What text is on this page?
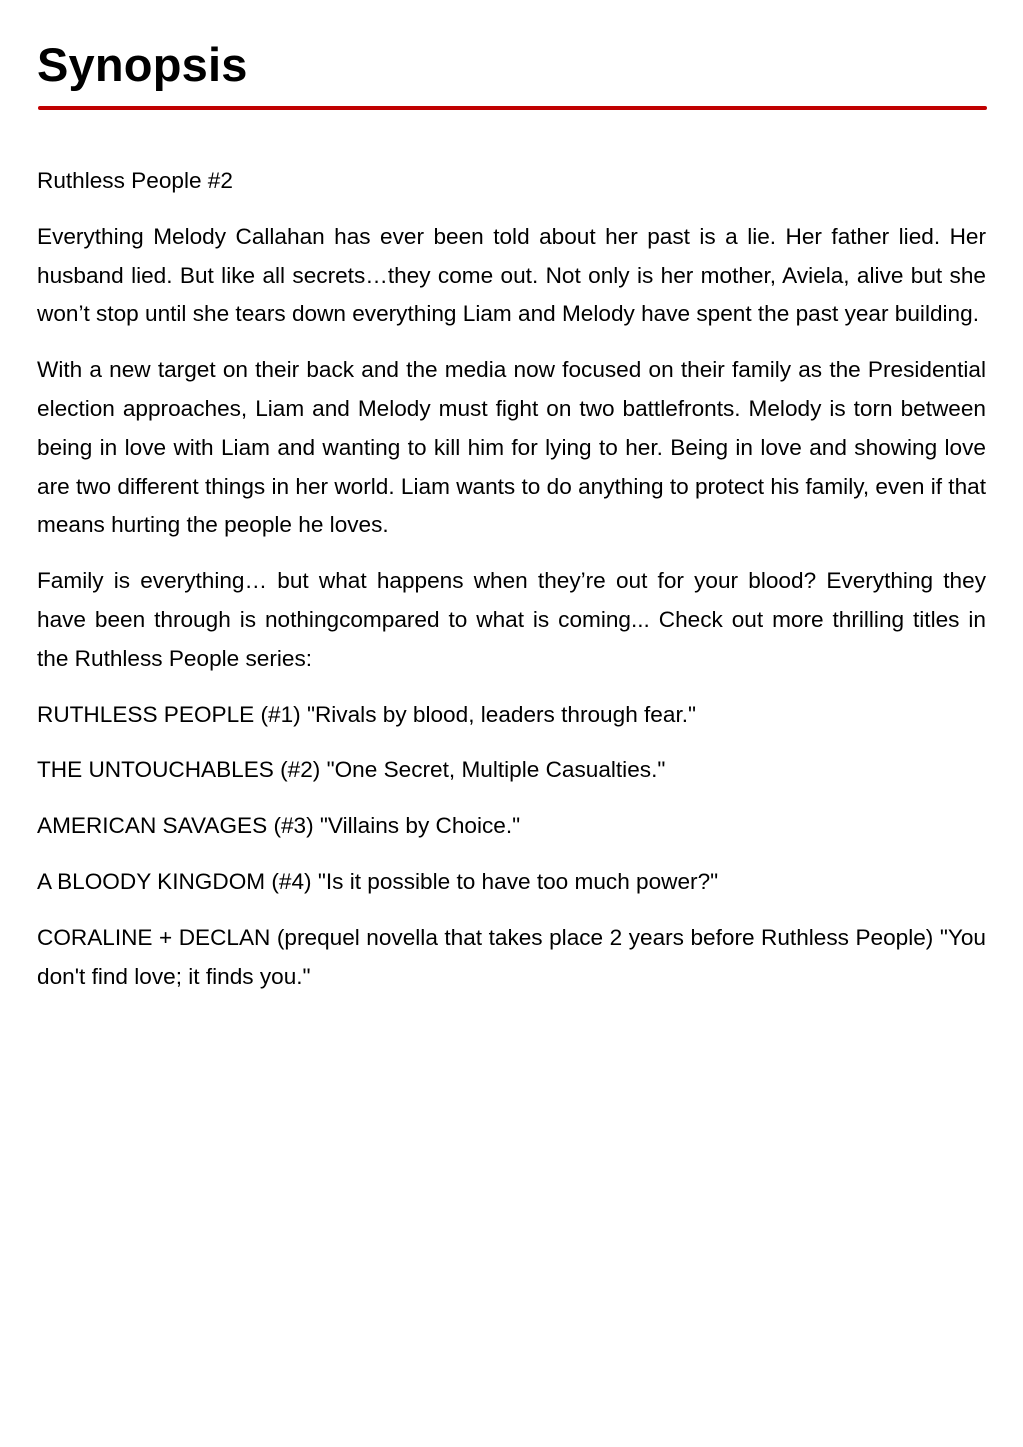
Synopsis

Ruthless People #2

Everything Melody Callahan has ever been told about her past is a lie. Her father lied. Her husband lied. But like all secrets…they come out. Not only is her mother, Aviela, alive but she won’t stop until she tears down everything Liam and Melody have spent the past year building.

With a new target on their back and the media now focused on their family as the Presidential election approaches, Liam and Melody must fight on two battlefronts. Melody is torn between being in love with Liam and wanting to kill him for lying to her. Being in love and showing love are two different things in her world. Liam wants to do anything to protect his family, even if that means hurting the people he loves.

Family is everything… but what happens when they’re out for your blood? Everything they have been through is nothingcompared to what is coming... Check out more thrilling titles in the Ruthless People series:

RUTHLESS PEOPLE (#1) "Rivals by blood, leaders through fear."

THE UNTOUCHABLES (#2) "One Secret, Multiple Casualties."

AMERICAN SAVAGES (#3) "Villains by Choice."

A BLOODY KINGDOM (#4) "Is it possible to have too much power?"

CORALINE + DECLAN (prequel novella that takes place 2 years before Ruthless People) "You don't find love; it finds you."
